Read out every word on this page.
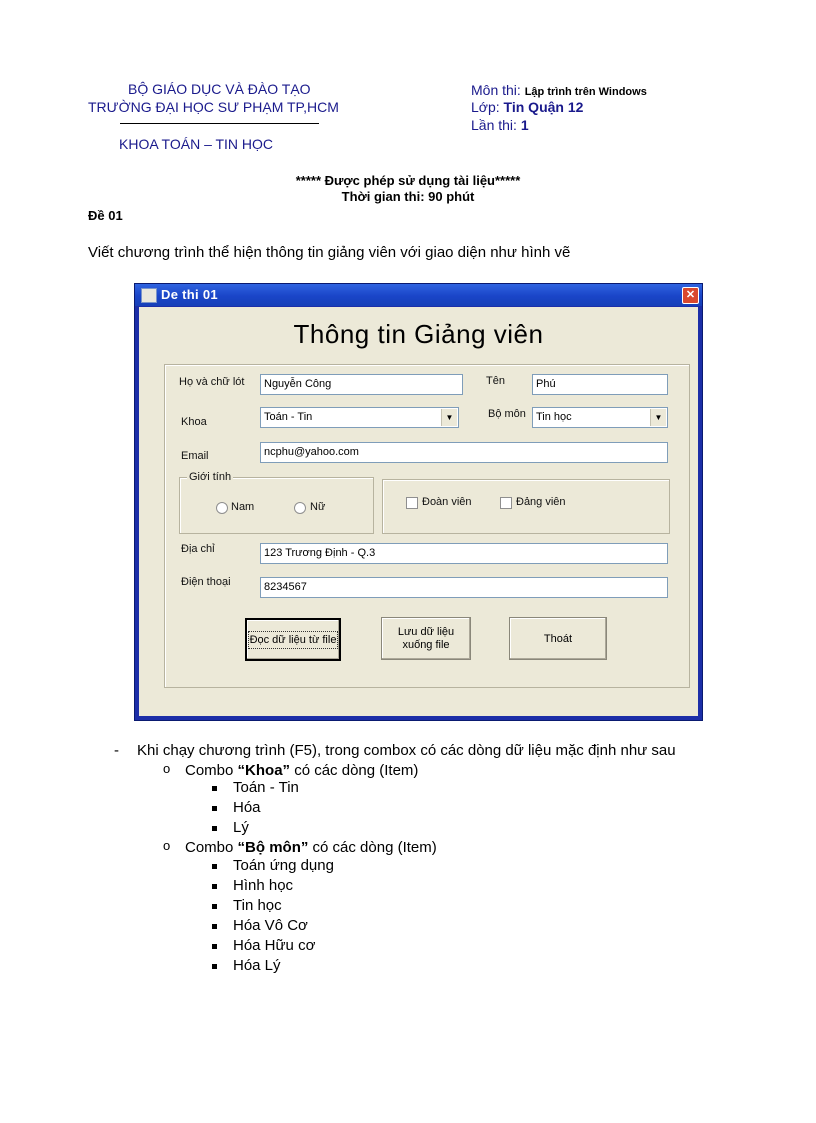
BỘ GIÁO DỤC VÀ ĐÀO TẠO
TRƯỜNG ĐẠI HỌC SƯ PHẠM TP,HCM
KHOA TOÁN – TIN HỌC
Môn thi: Lập trình trên Windows
Lớp: Tin Quận 12
Lần thi: 1
***** Được phép sử dụng tài liệu*****
Thời gian thi: 90 phút
Đề 01
Viết chương trình thể hiện thông tin giảng viên với giao diện như hình vẽ
De thi 01	✕
Thông tin Giảng viên
Họ và chữ lót	Nguyễn Công	Tên	Phú
Khoa	Toán - Tin	▼	Bộ môn Tin học	▼
Email	ncphu@yahoo.com
Giới tính
Nam	Nữ	Đoàn viên	Đảng viên
Địa chỉ	123 Trương Định - Q.3
Điện thoại	8234567
Đọc dữ liệu từ file
Lưu dữ liệu
xuống file	Thoát
- Khi chạy chương trình (F5), trong combox có các dòng dữ liệu mặc định như sau
o Combo “Khoa” có các dòng (Item)
Toán - Tin
Hóa
Lý
o Combo “Bộ môn” có các dòng (Item)
Toán ứng dụng
Hình học
Tin học
Hóa Vô Cơ
Hóa Hữu cơ
Hóa Lý
